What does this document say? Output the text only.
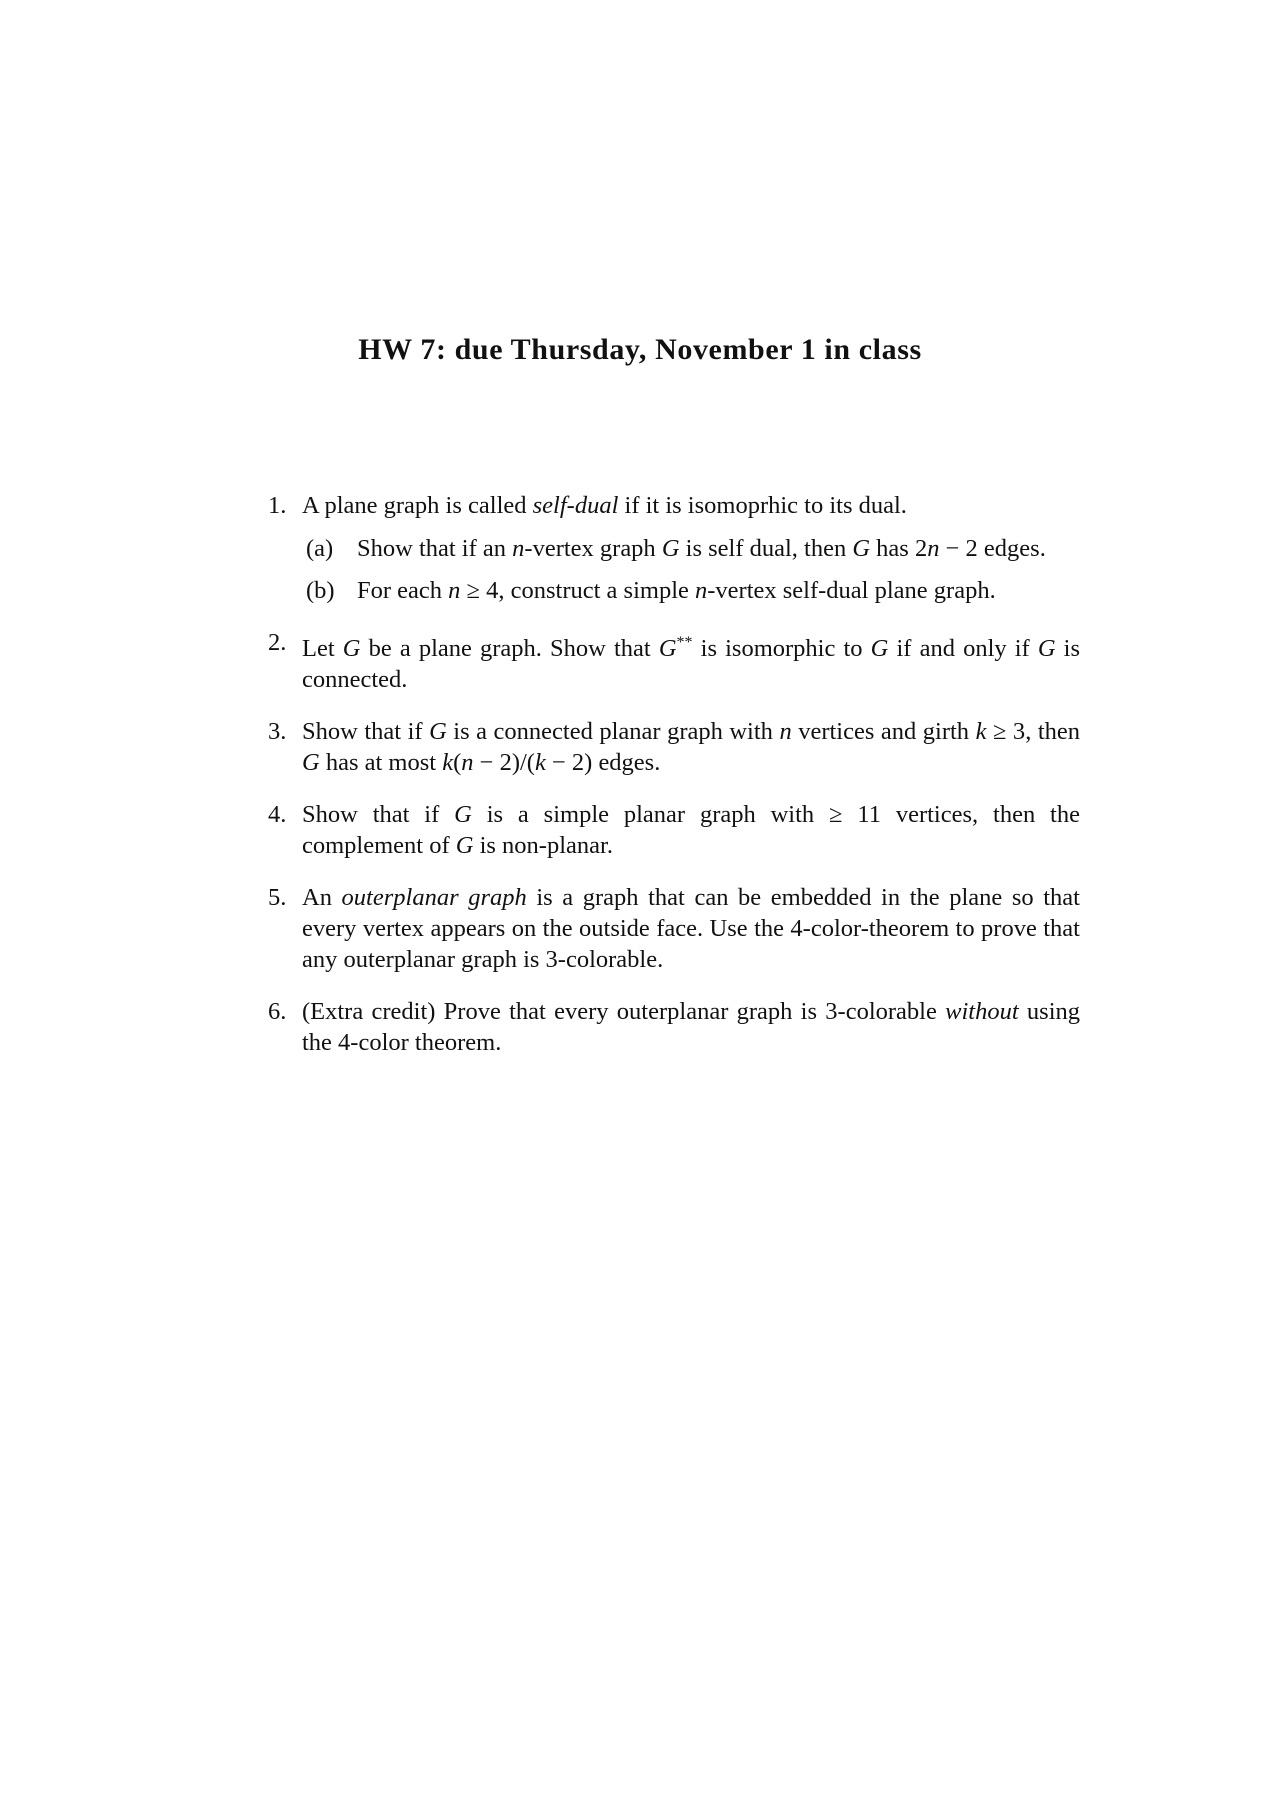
HW 7: due Thursday, November 1 in class
1. A plane graph is called self-dual if it is isomoprhic to its dual.
(a) Show that if an n-vertex graph G is self dual, then G has 2n − 2 edges.
(b) For each n ≥ 4, construct a simple n-vertex self-dual plane graph.
2. Let G be a plane graph. Show that G** is isomorphic to G if and only if G is connected.
3. Show that if G is a connected planar graph with n vertices and girth k ≥ 3, then G has at most k(n − 2)/(k − 2) edges.
4. Show that if G is a simple planar graph with ≥ 11 vertices, then the complement of G is non-planar.
5. An outerplanar graph is a graph that can be embedded in the plane so that every vertex appears on the outside face. Use the 4-color-theorem to prove that any outerplanar graph is 3-colorable.
6. (Extra credit) Prove that every outerplanar graph is 3-colorable without using the 4-color theorem.
